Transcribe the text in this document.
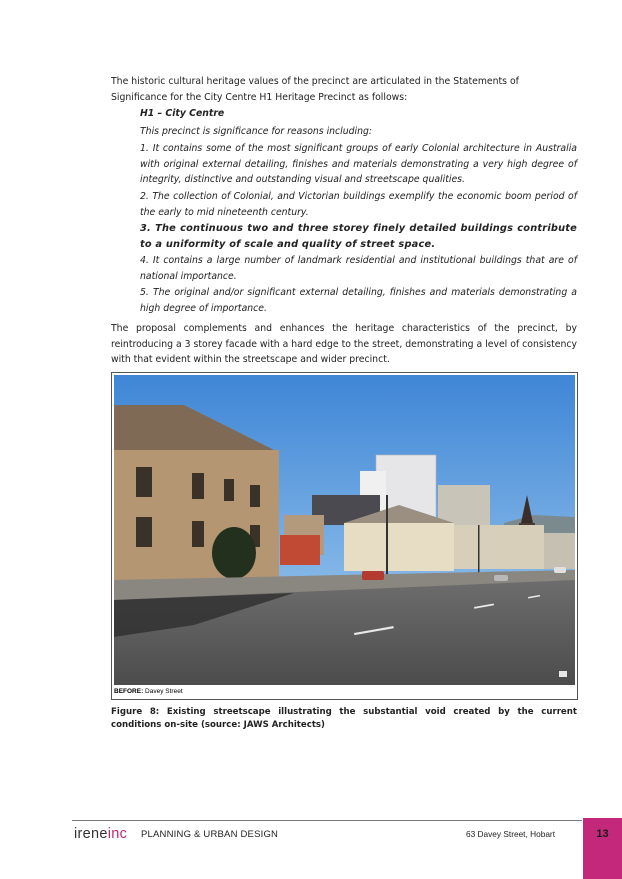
The historic cultural heritage values of the precinct are articulated in the Statements of Significance for the City Centre H1 Heritage Precinct as follows:

H1 – City Centre

This precinct is significance for reasons including:

1. It contains some of the most significant groups of early Colonial architecture in Australia with original external detailing, finishes and materials demonstrating a very high degree of integrity, distinctive and outstanding visual and streetscape qualities.

2. The collection of Colonial, and Victorian buildings exemplify the economic boom period of the early to mid nineteenth century.

3. The continuous two and three storey finely detailed buildings contribute to a uniformity of scale and quality of street space.

4. It contains a large number of landmark residential and institutional buildings that are of national importance.

5. The original and/or significant external detailing, finishes and materials demonstrating a high degree of importance.

The proposal complements and enhances the heritage characteristics of the precinct, by reintroducing a 3 storey facade with a hard edge to the street, demonstrating a level of consistency with that evident within the streetscape and wider precinct.

BEFORE: Davey Street

Figure 8: Existing streetscape illustrating the substantial void created by the current conditions on-site (source: JAWS Architects)

ireneinc PLANNING & URBAN DESIGN	63 Davey Street, Hobart	13
